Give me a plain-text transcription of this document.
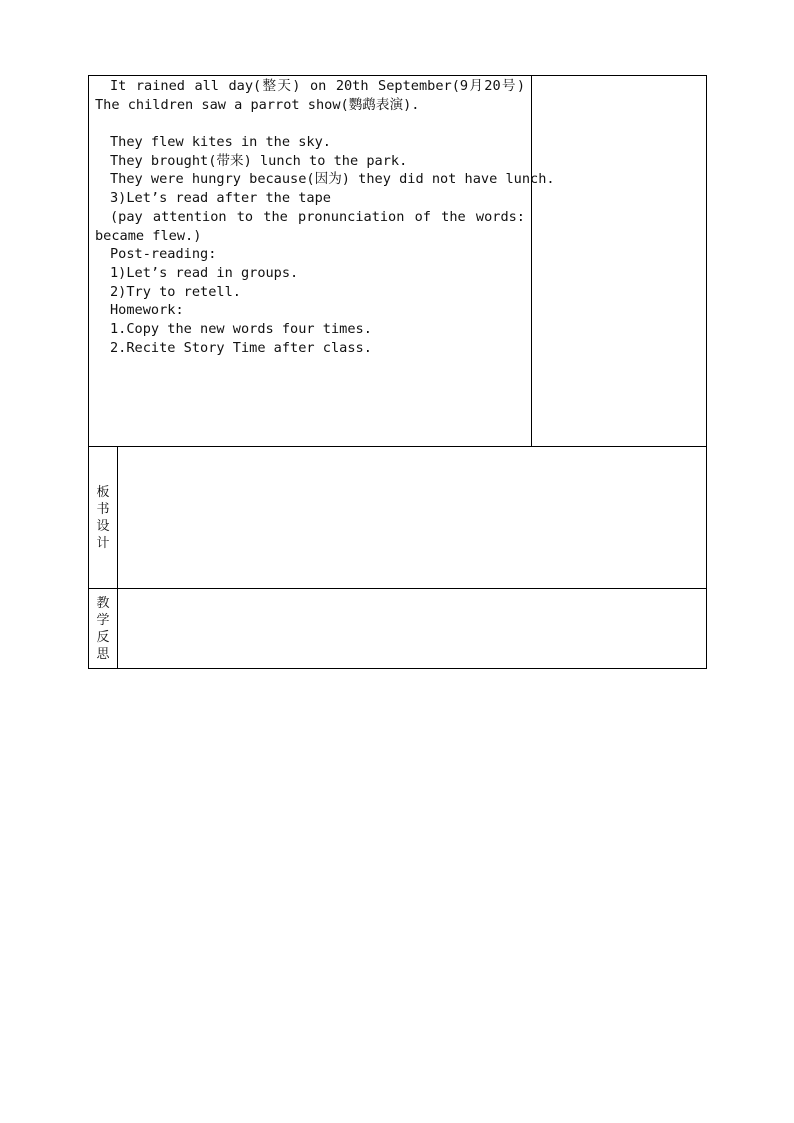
It rained all day(整天) on 20th September(9月20号)
The children saw a parrot show(鹦鹉表演).
They flew kites in the sky.
They brought(带来) lunch to the park.
They were hungry because(因为) they did not have lunch.
3)Let’s read after the tape
(pay attention to the pronunciation of the words:
became flew.)
Post-reading:
1)Let’s read in groups.
2)Try to retell.
Homework:
1.Copy the new words four times.
2.Recite Story Time after class.
板书设计
教学反思
